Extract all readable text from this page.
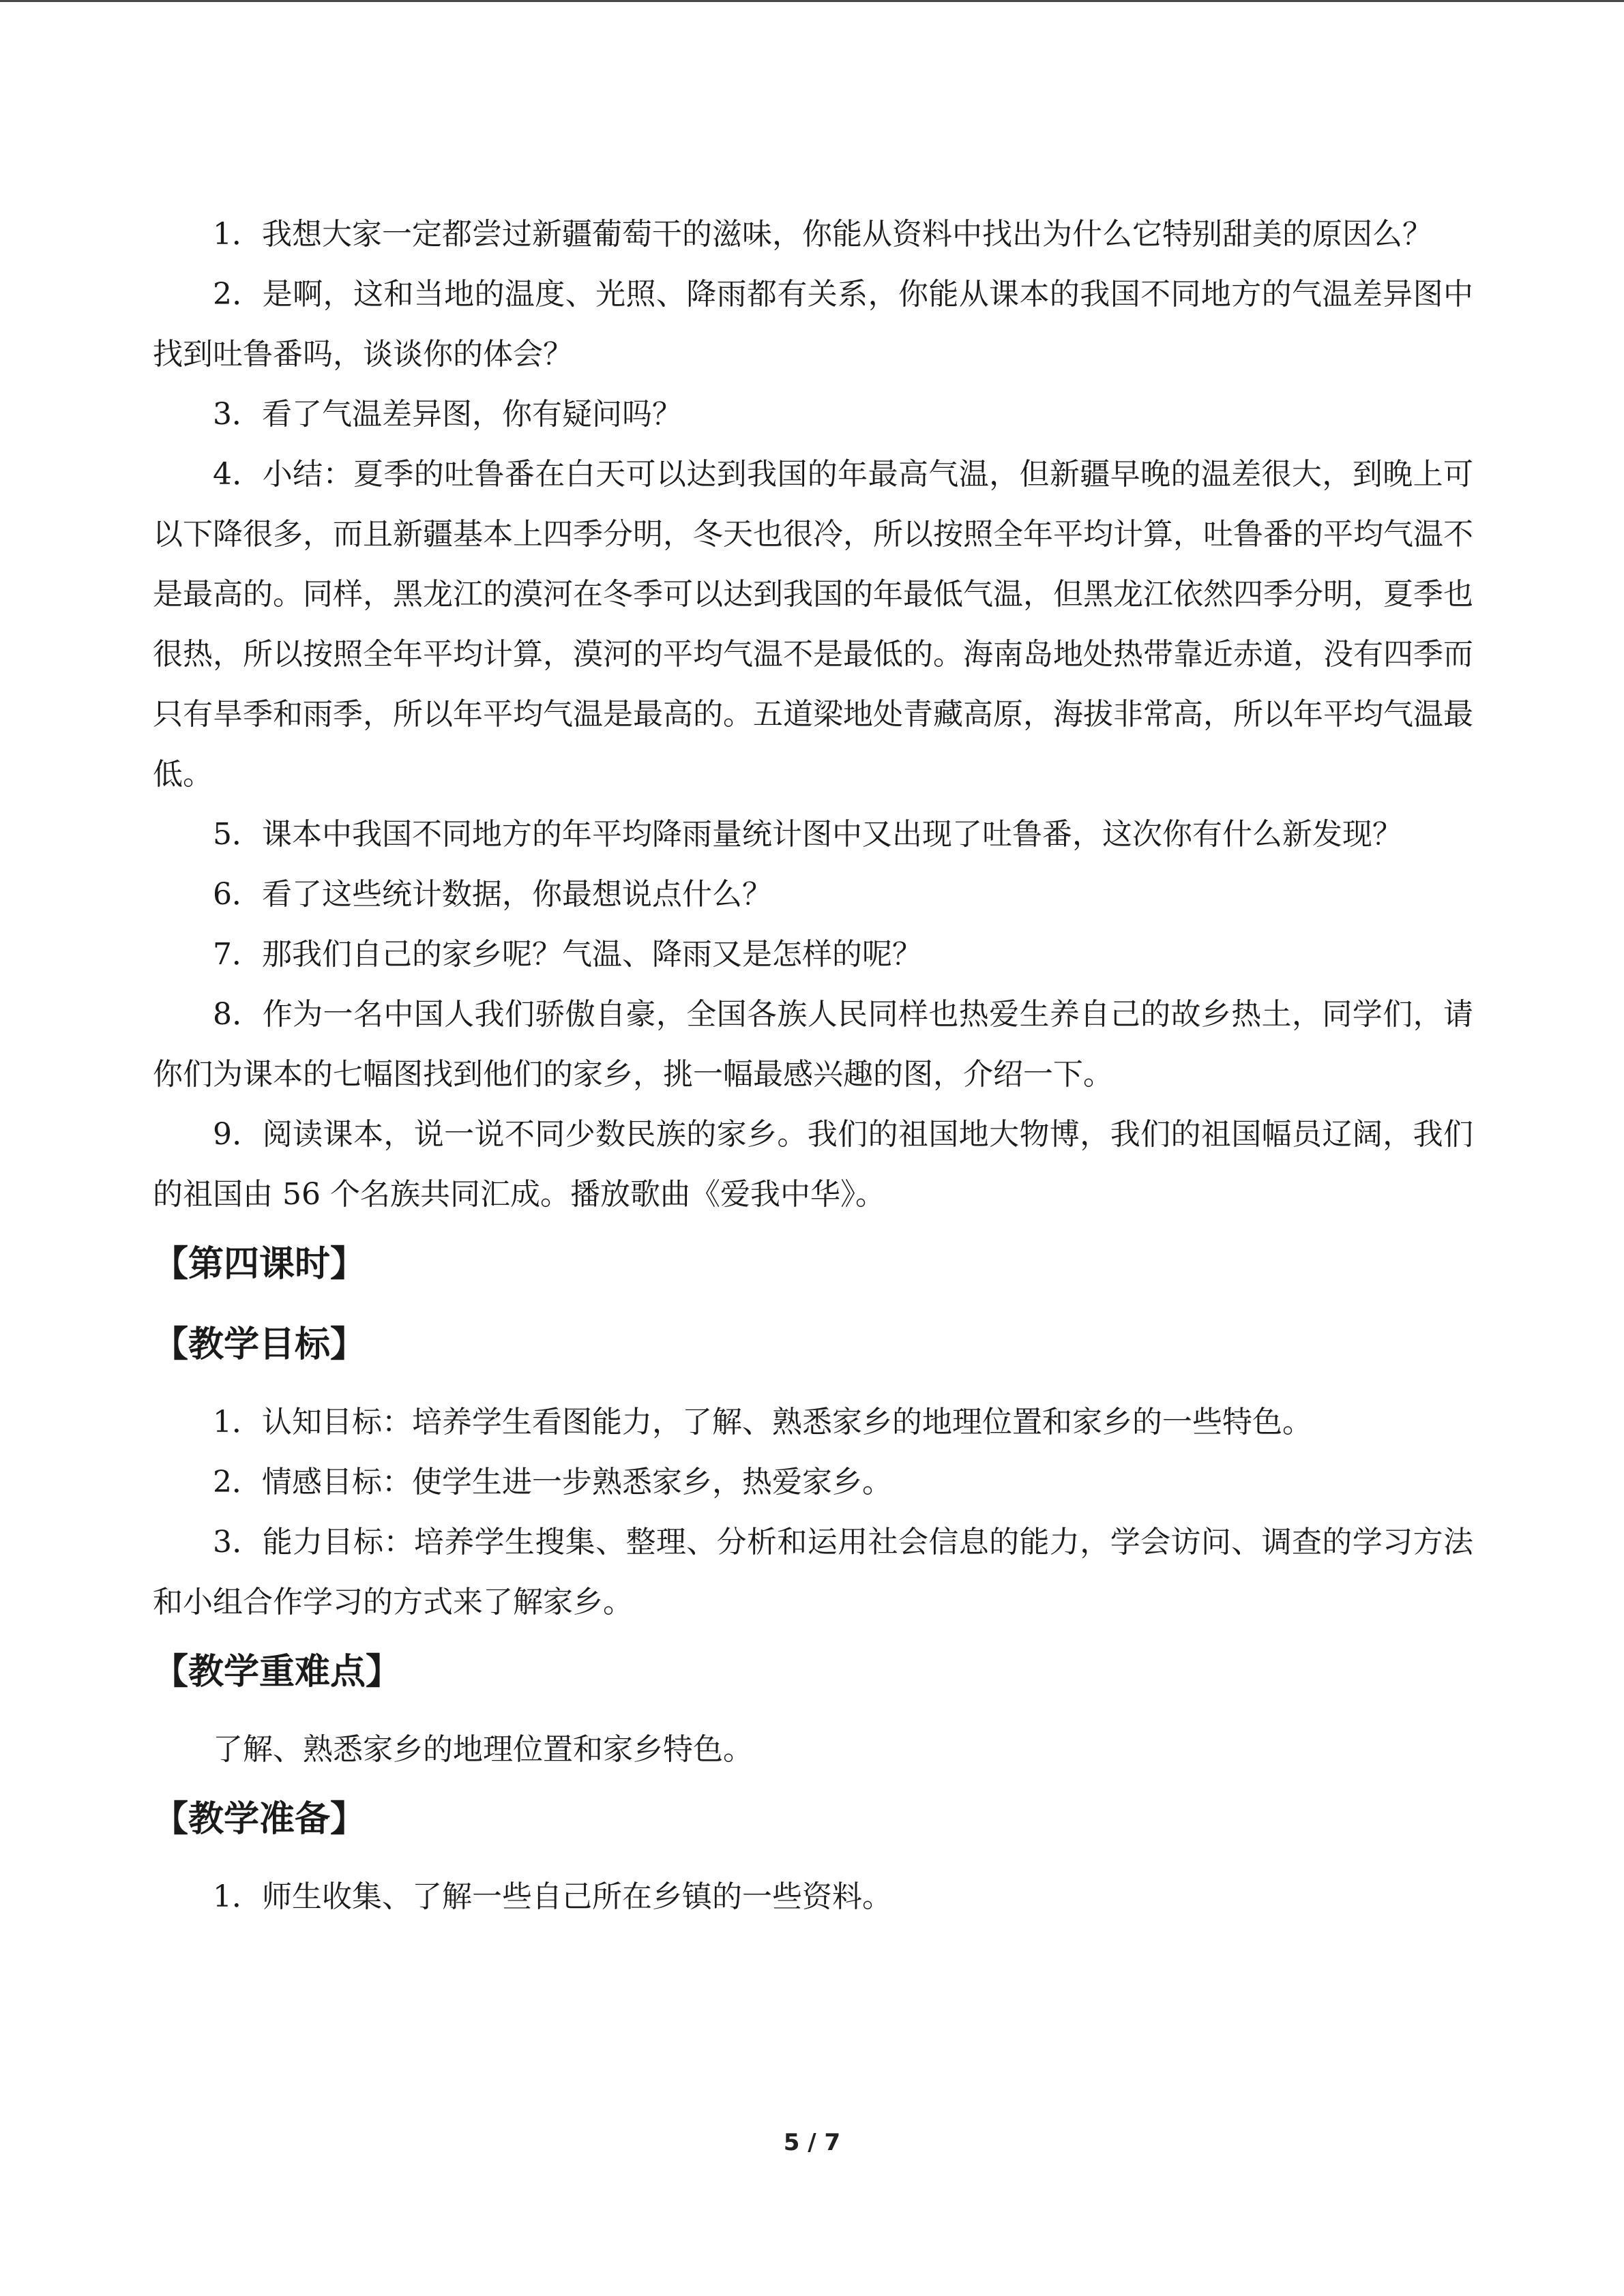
1．我想大家一定都尝过新疆葡萄干的滋味，你能从资料中找出为什么它特别甜美的原因么？

2．是啊，这和当地的温度、光照、降雨都有关系，你能从课本的我国不同地方的气温差异图中找到吐鲁番吗，谈谈你的体会？

3．看了气温差异图，你有疑问吗？

4．小结：夏季的吐鲁番在白天可以达到我国的年最高气温，但新疆早晚的温差很大，到晚上可以下降很多，而且新疆基本上四季分明，冬天也很冷，所以按照全年平均计算，吐鲁番的平均气温不是最高的。同样，黑龙江的漠河在冬季可以达到我国的年最低气温，但黑龙江依然四季分明，夏季也很热，所以按照全年平均计算，漠河的平均气温不是最低的。海南岛地处热带靠近赤道，没有四季而只有旱季和雨季，所以年平均气温是最高的。五道梁地处青藏高原，海拔非常高，所以年平均气温最低。

5．课本中我国不同地方的年平均降雨量统计图中又出现了吐鲁番，这次你有什么新发现？

6．看了这些统计数据，你最想说点什么？

7．那我们自己的家乡呢？气温、降雨又是怎样的呢？

8．作为一名中国人我们骄傲自豪，全国各族人民同样也热爱生养自己的故乡热土，同学们，请你们为课本的七幅图找到他们的家乡，挑一幅最感兴趣的图，介绍一下。

9．阅读课本，说一说不同少数民族的家乡。我们的祖国地大物博，我们的祖国幅员辽阔，我们的祖国由 56 个名族共同汇成。播放歌曲《爱我中华》。

【第四课时】
【教学目标】

1．认知目标：培养学生看图能力，了解、熟悉家乡的地理位置和家乡的一些特色。

2．情感目标：使学生进一步熟悉家乡，热爱家乡。

3．能力目标：培养学生搜集、整理、分析和运用社会信息的能力，学会访问、调查的学习方法和小组合作学习的方式来了解家乡。

【教学重难点】

了解、熟悉家乡的地理位置和家乡特色。

【教学准备】

1．师生收集、了解一些自己所在乡镇的一些资料。

5 / 7
